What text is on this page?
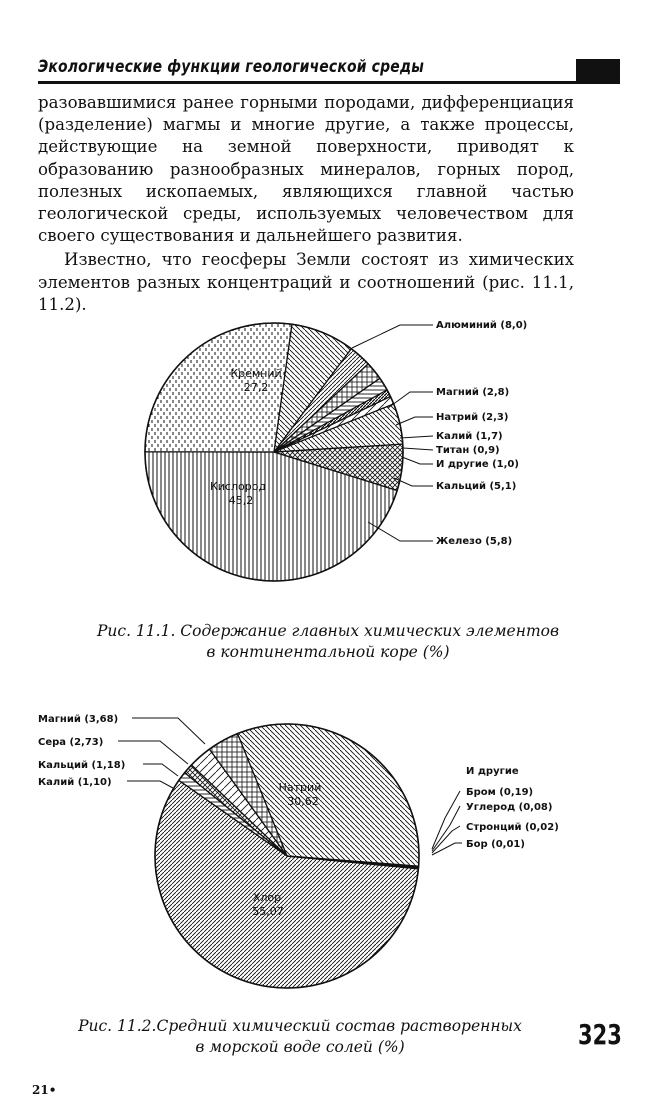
Экологические функции геологической среды

разовавшимися ранее горными породами, дифференциация (разделение) магмы и многие другие, а также процессы, действующие на земной поверхности, приводят к образованию разнообразных минералов, горных пород, полезных ископаемых, являющихся главной частью геологической среды, используемых человечеством для своего существования и дальнейшего развития.

Известно, что геосферы Земли состоят из химических элементов разных концентраций и соотношений (рис. 11.1, 11.2).

Кремний
27,2
Кислород
45,2
Алюминий (8,0)
Магний (2,8)
Натрий (2,3)
Калий (1,7)
Титан (0,9)
И другие (1,0)
Кальций (5,1)
Железо (5,8)
Рис. 11.1. Содержание главных химических элементов
в континентальной коре (%)
Натрий
30,62
Хлор
55,07
Магний (3,68)
Сера (2,73)
Кальций (1,18)
Калий (1,10)
И другие
Бром (0,19)
Углерод (0,08)
Стронций (0,02)
Бор (0,01)
Рис. 11.2.Средний химический состав растворенных
в морской воде солей (%)	323
21•
